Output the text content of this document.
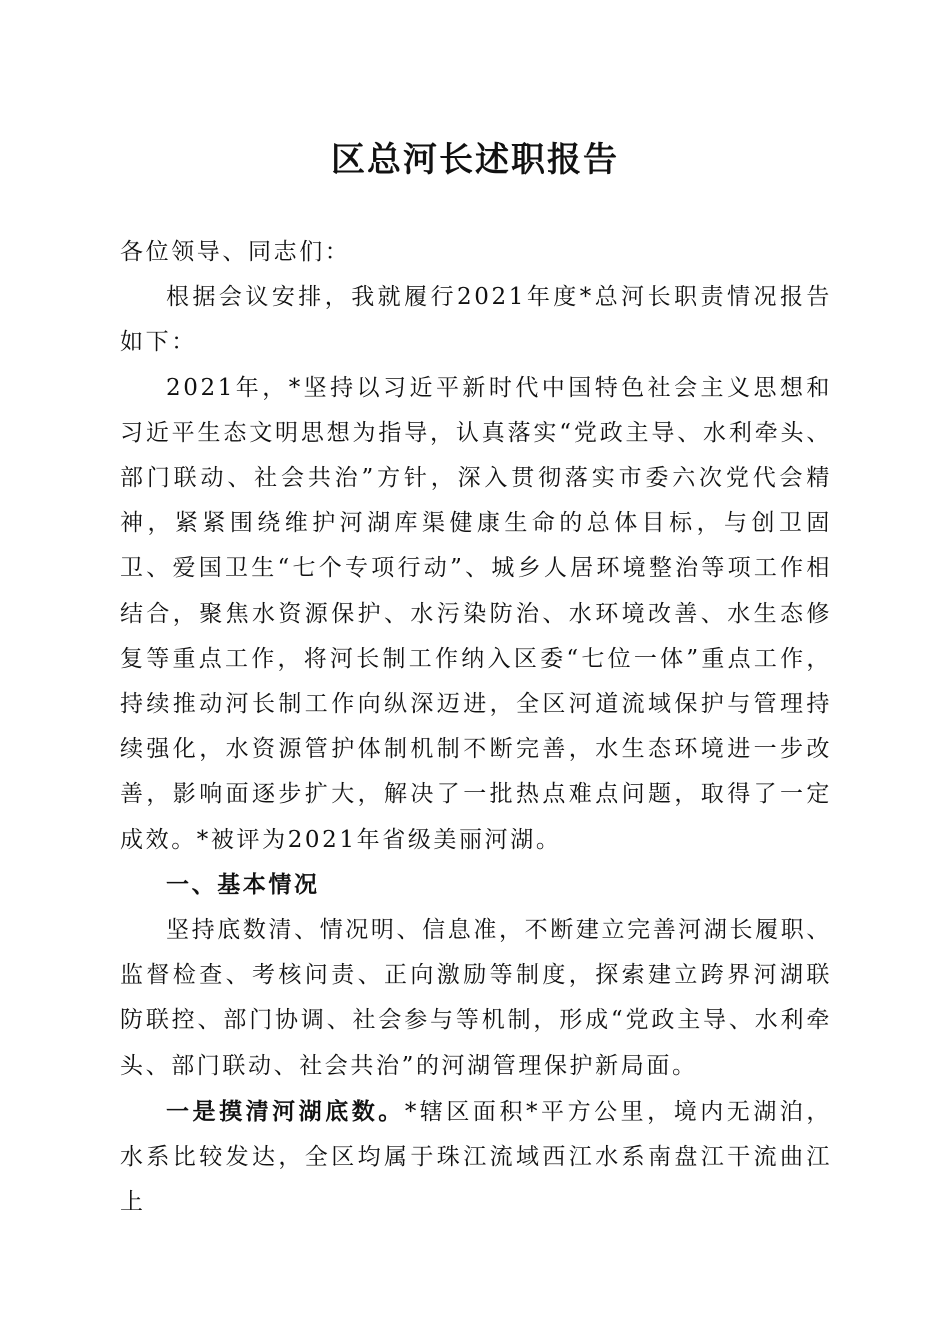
区总河长述职报告

各位领导、同志们：

根据会议安排，我就履行2021年度*总河长职责情况报告如下：

2021年，*坚持以习近平新时代中国特色社会主义思想和习近平生态文明思想为指导，认真落实“党政主导、水利牵头、部门联动、社会共治”方针，深入贯彻落实市委六次党代会精神，紧紧围绕维护河湖库渠健康生命的总体目标，与创卫固卫、爱国卫生“七个专项行动”、城乡人居环境整治等项工作相结合，聚焦水资源保护、水污染防治、水环境改善、水生态修复等重点工作，将河长制工作纳入区委“七位一体”重点工作，持续推动河长制工作向纵深迈进，全区河道流域保护与管理持续强化，水资源管护体制机制不断完善，水生态环境进一步改善，影响面逐步扩大，解决了一批热点难点问题，取得了一定成效。*被评为2021年省级美丽河湖。

一、基本情况

坚持底数清、情况明、信息准，不断建立完善河湖长履职、监督检查、考核问责、正向激励等制度，探索建立跨界河湖联防联控、部门协调、社会参与等机制，形成“党政主导、水利牵头、部门联动、社会共治”的河湖管理保护新局面。

一是摸清河湖底数。*辖区面积*平方公里，境内无湖泊，水系比较发达，全区均属于珠江流域西江水系南盘江干流曲江上
